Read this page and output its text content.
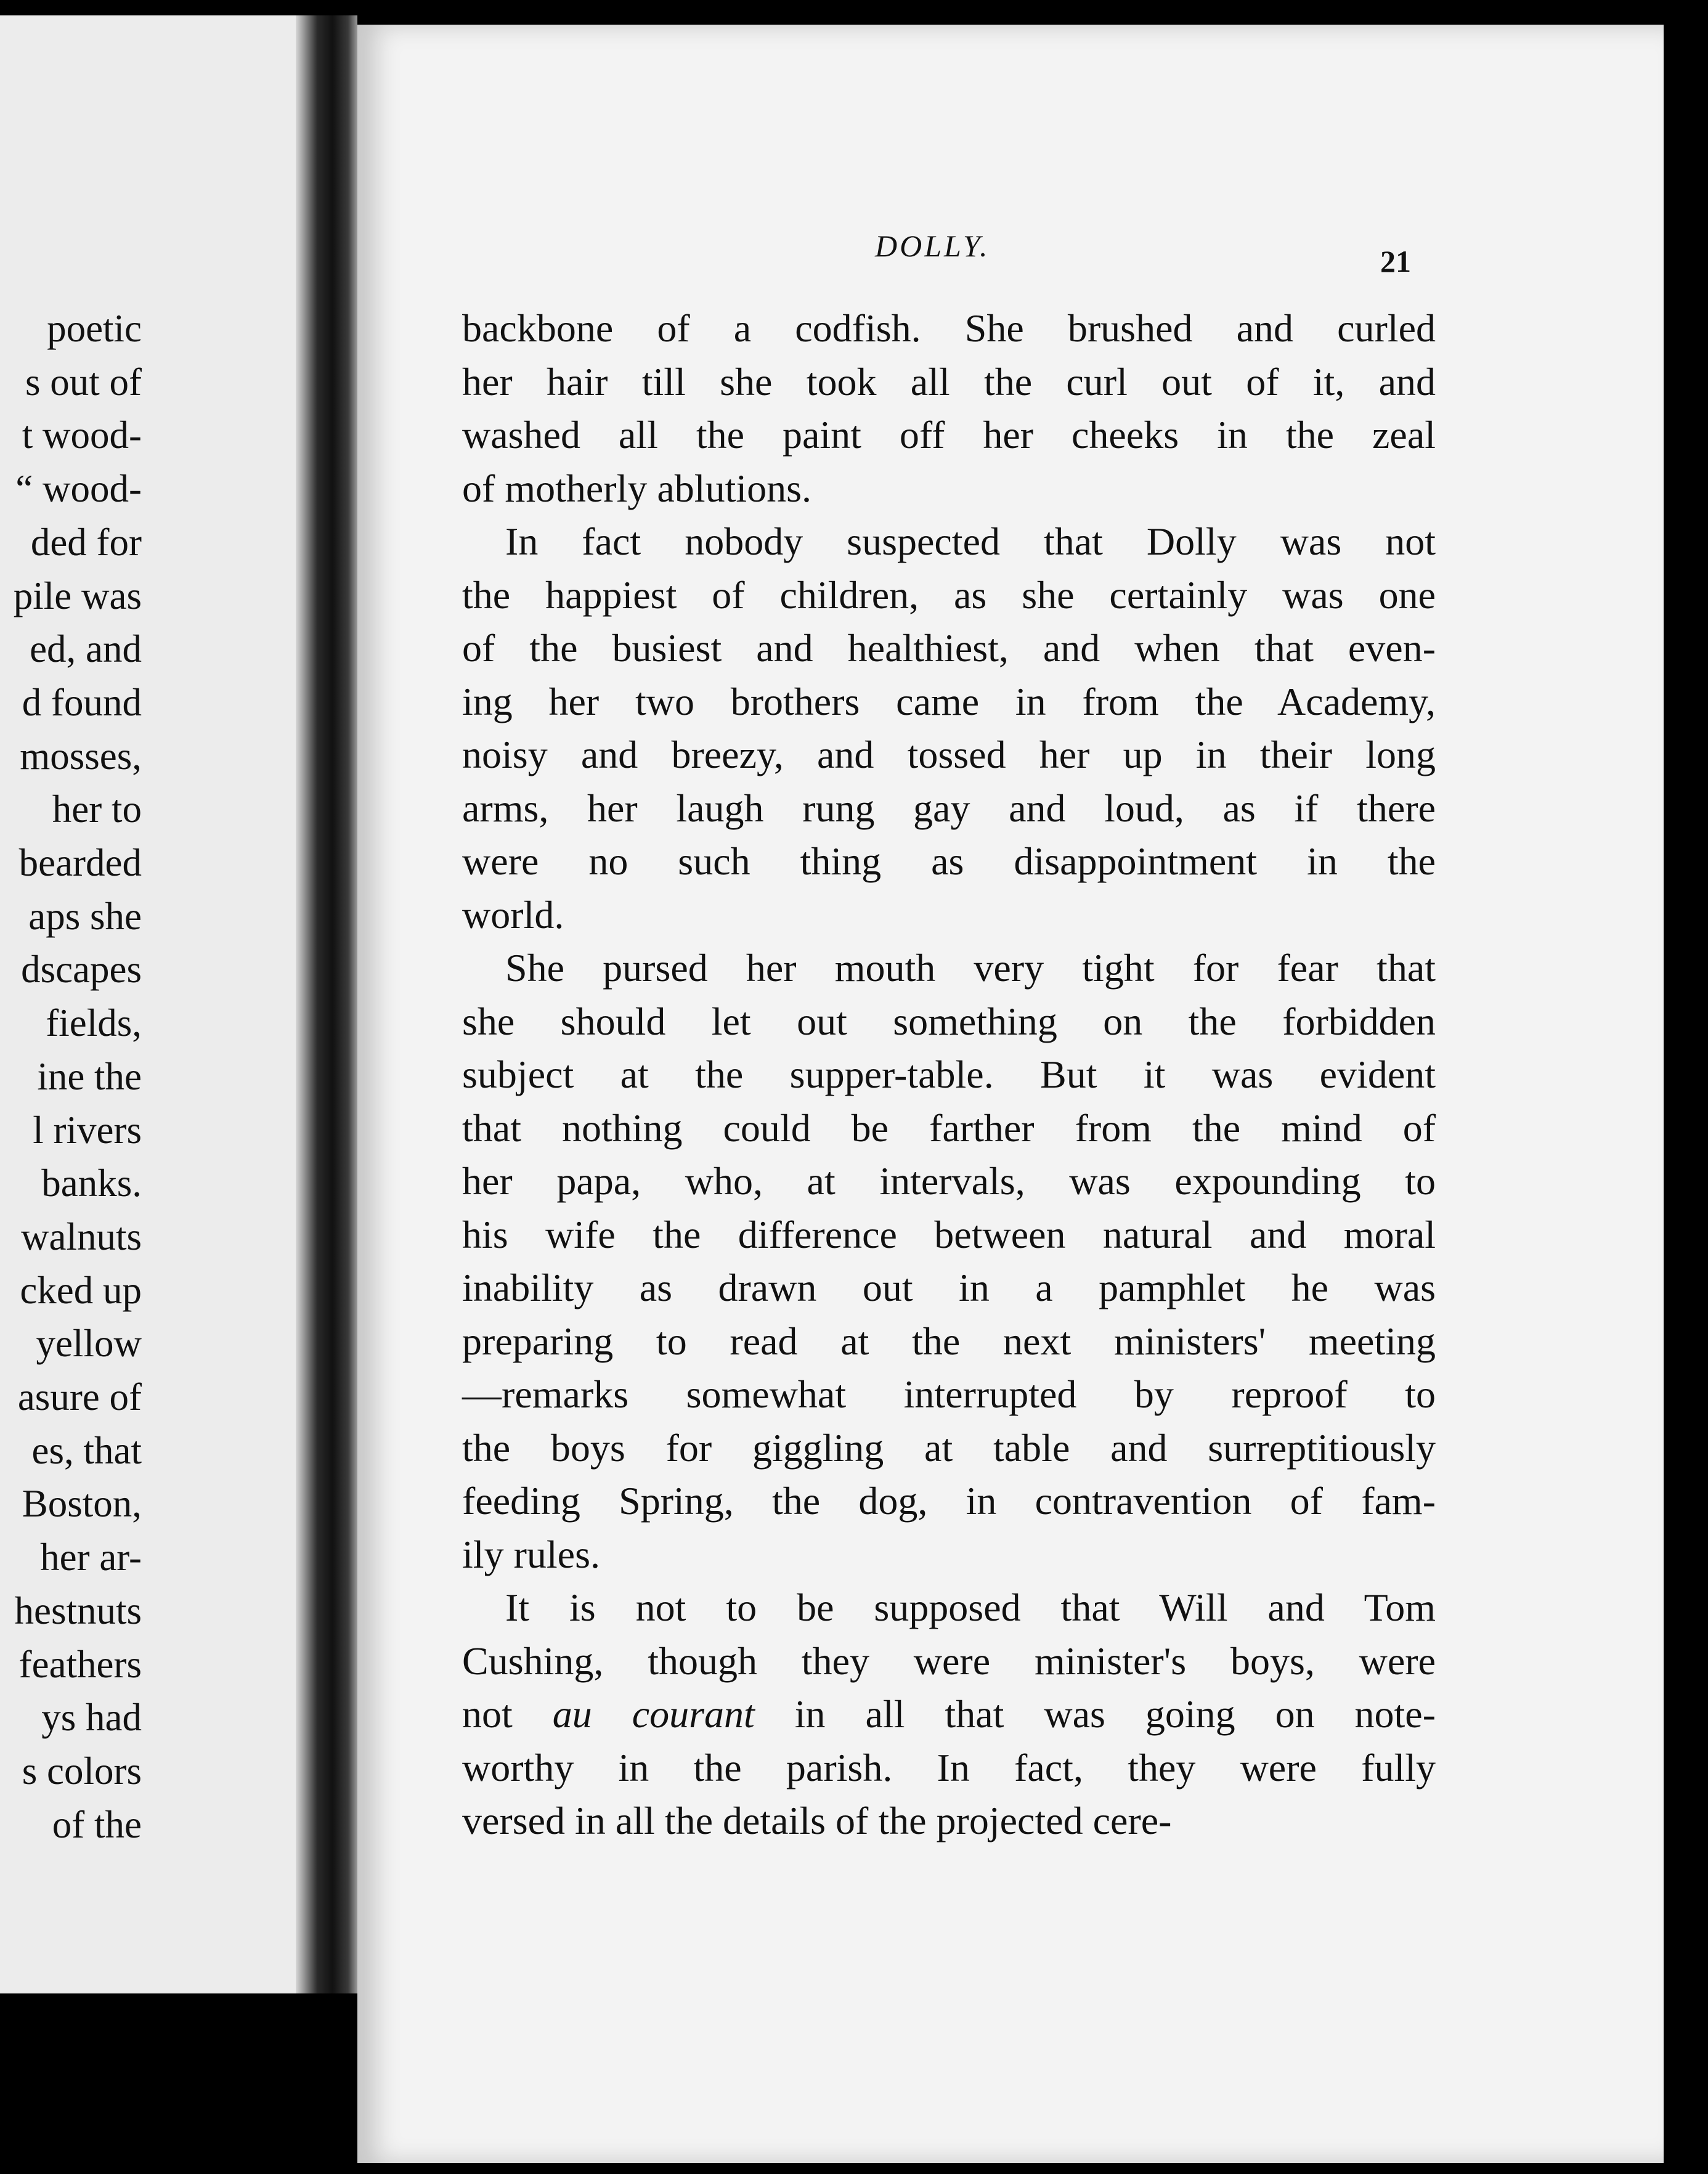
poetic
s out of
t wood-
“ wood-
ded for
pile was
ed, and
d found
mosses,
her to
bearded
aps she
dscapes
fields,
ine the
l rivers
banks.
walnuts
cked up
yellow
asure of
es, that
Boston,
her ar-
hestnuts
feathers
ys had
s colors
of the
DOLLY.	21
backbone of a codfish. She brushed and curled
her hair till she took all the curl out of it, and
washed all the paint off her cheeks in the zeal
of motherly ablutions.
In fact nobody suspected that Dolly was not
the happiest of children, as she certainly was one
of the busiest and healthiest, and when that even-
ing her two brothers came in from the Academy,
noisy and breezy, and tossed her up in their long
arms, her laugh rung gay and loud, as if there
were no such thing as disappointment in the
world.
She pursed her mouth very tight for fear that
she should let out something on the forbidden
subject at the supper-table. But it was evident
that nothing could be farther from the mind of
her papa, who, at intervals, was expounding to
his wife the difference between natural and moral
inability as drawn out in a pamphlet he was
preparing to read at the next ministers' meeting
—remarks somewhat interrupted by reproof to
the boys for giggling at table and surreptitiously
feeding Spring, the dog, in contravention of fam-
ily rules.
It is not to be supposed that Will and Tom
Cushing, though they were minister's boys, were
not au courant in all that was going on note-
worthy in the parish. In fact, they were fully
versed in all the details of the projected cere-
